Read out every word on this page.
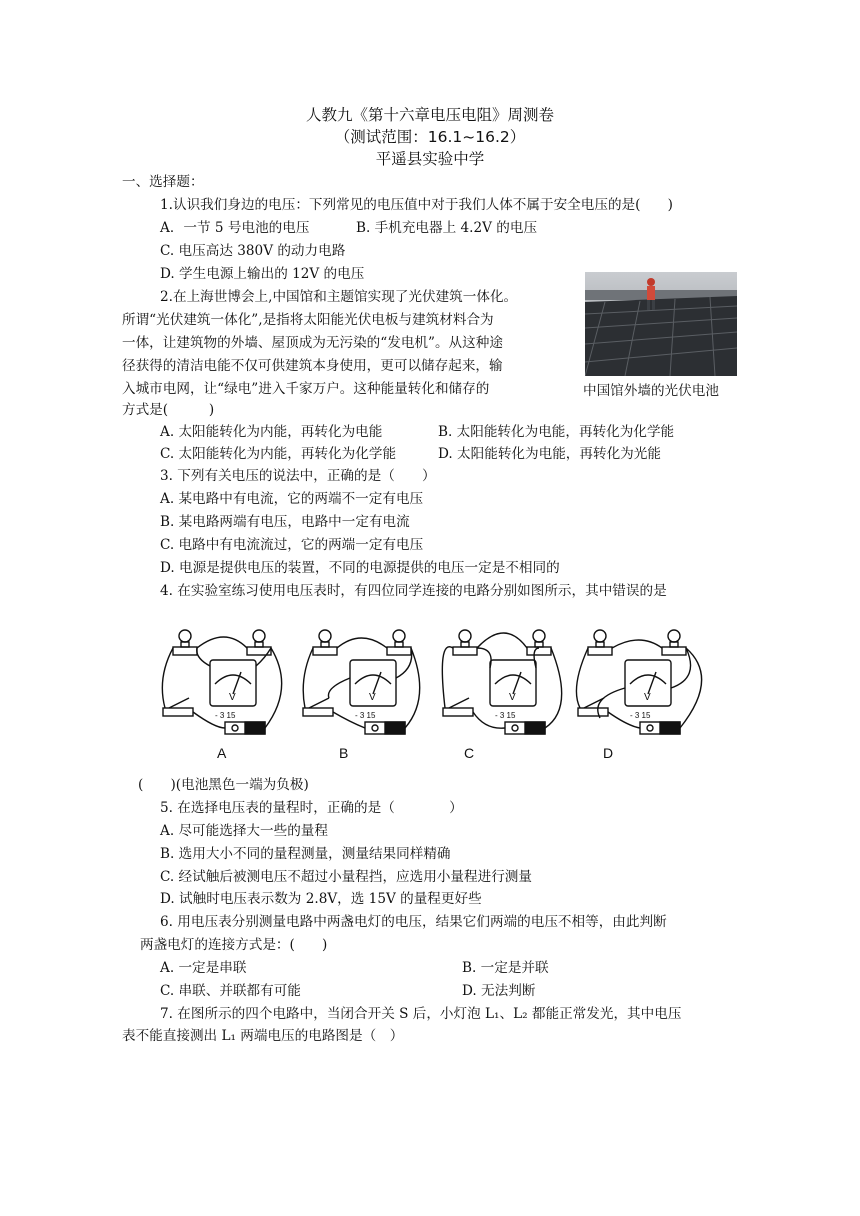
人教九《第十六章电压电阻》周测卷
（测试范围：16.1~16.2）
平遥县实验中学
一、选择题：
1.认识我们身边的电压：下列常见的电压值中对于我们人体不属于安全电压的是(　　)
A．一节 5 号电池的电压	B. 手机充电器上 4.2V 的电压
C. 电压高达 380V 的动力电路
D. 学生电源上输出的 12V 的电压
2.在上海世博会上,中国馆和主题馆实现了光伏建筑一体化。
所谓“光伏建筑一体化”,是指将太阳能光伏电板与建筑材料合为
一体，让建筑物的外墙、屋顶成为无污染的“发电机”。从这种途
径获得的清洁电能不仅可供建筑本身使用，更可以储存起来，输
入城市电网，让“绿电”进入千家万户。这种能量转化和储存的
方式是(　　　)
中国馆外墙的光伏电池
A. 太阳能转化为内能，再转化为电能	B. 太阳能转化为电能，再转化为化学能
C. 太阳能转化为内能，再转化为化学能	D. 太阳能转化为电能，再转化为光能
3. 下列有关电压的说法中，正确的是（　　）
A. 某电路中有电流，它的两端不一定有电压
B. 某电路两端有电压，电路中一定有电流
C. 电路中有电流流过，它的两端一定有电压
D. 电源是提供电压的装置，不同的电源提供的电压一定是不相同的
4. 在实验室练习使用电压表时，有四位同学连接的电路分别如图所示，其中错误的是
V
- 3 15
V
- 3 15
V
- 3 15
V
- 3 15
A	B	C	D
(　　)(电池黑色一端为负极)
5. 在选择电压表的量程时，正确的是（　　　　）
A. 尽可能选择大一些的量程
B. 选用大小不同的量程测量，测量结果同样精确
C. 经试触后被测电压不超过小量程挡，应选用小量程进行测量
D. 试触时电压表示数为 2.8V，选 15V 的量程更好些
6. 用电压表分别测量电路中两盏电灯的电压，结果它们两端的电压不相等，由此判断
两盏电灯的连接方式是：(　　)
A. 一定是串联	B. 一定是并联
C. 串联、并联都有可能	D. 无法判断
7. 在图所示的四个电路中，当闭合开关 S 后，小灯泡 L₁、L₂ 都能正常发光，其中电压
表不能直接测出 L₁ 两端电压的电路图是（　）
